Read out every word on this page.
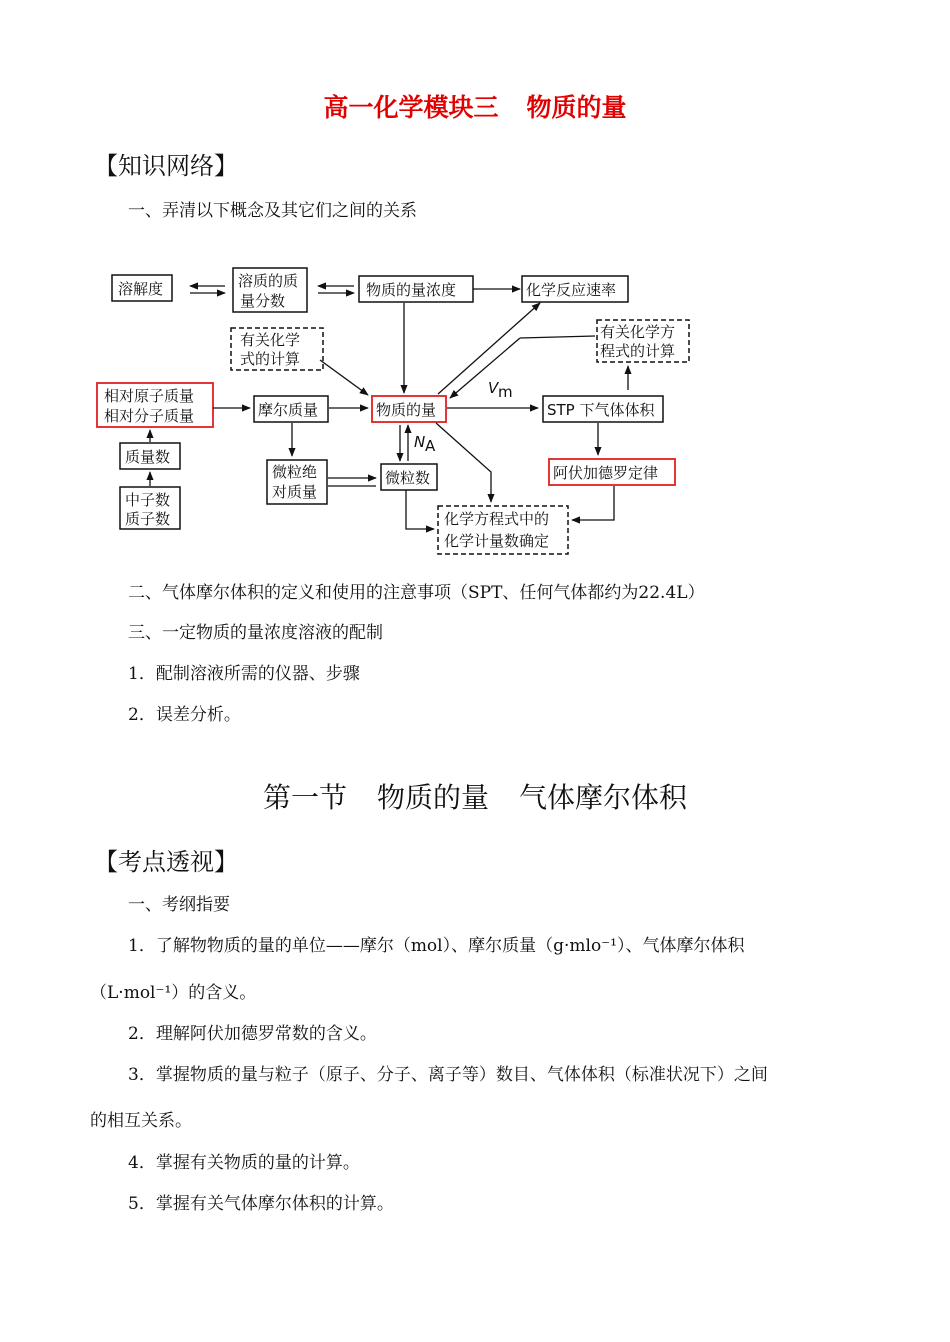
高一化学模块三 物质的量
【知识网络】
一、弄清以下概念及其它们之间的关系
溶解度	溶质的质
量分数
物质的量浓度	化学反应速率
有关化学
式的计算
有关化学方
程式的计算
相对原子质量
相对分子质量	摩尔质量	物质的量	STP 下气体体积
质量数
微粒绝
对质量
微粒数	阿伏加德罗定律
中子数
质子数	化学方程式中的
化学计量数确定
V m
N A
二、气体摩尔体积的定义和使用的注意事项（SPT、任何气体都约为22.4L）
三、一定物质的量浓度溶液的配制
1．配制溶液所需的仪器、步骤
2．误差分析。
第一节 物质的量 气体摩尔体积
【考点透视】
一、考纲指要
1．了解物物质的量的单位——摩尔（mol）、摩尔质量（g·mlo⁻¹）、气体摩尔体积
（L·mol⁻¹）的含义。
2．理解阿伏加德罗常数的含义。
3．掌握物质的量与粒子（原子、分子、离子等）数目、气体体积（标准状况下）之间
的相互关系。
4．掌握有关物质的量的计算。
5．掌握有关气体摩尔体积的计算。
